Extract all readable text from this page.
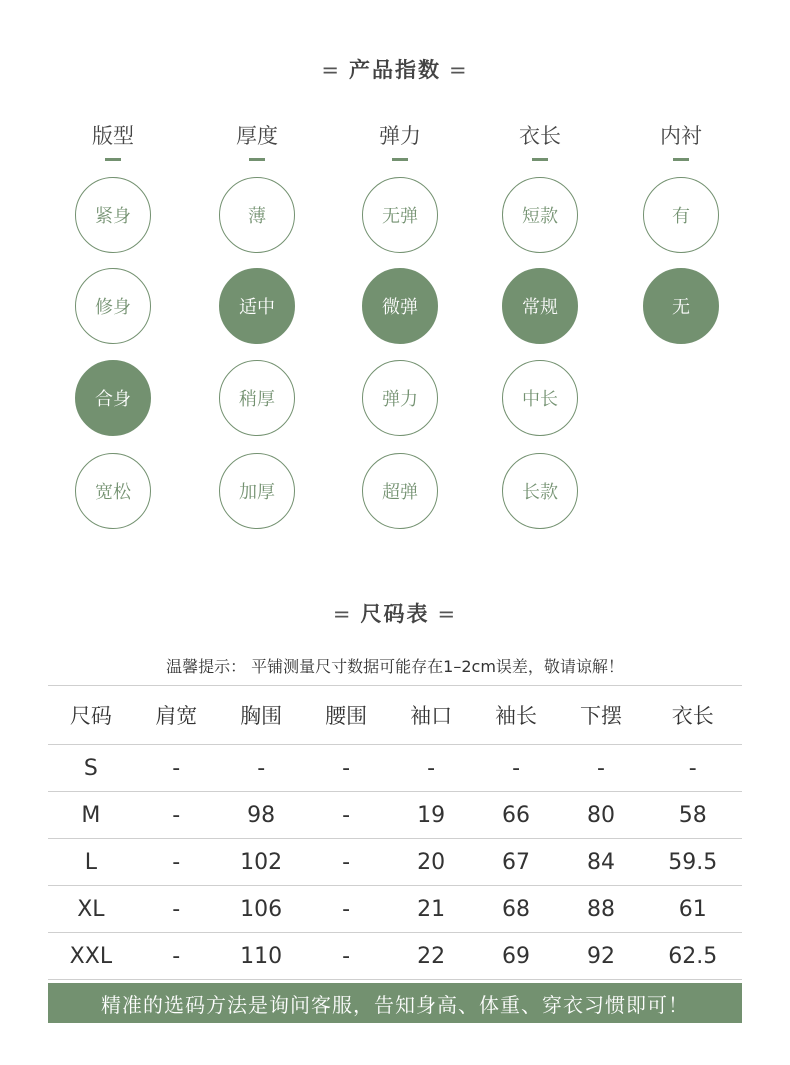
= 产品指数 =
版型
紧身
修身
合身
宽松
厚度
薄
适中
稍厚
加厚
弹力
无弹
微弹
弹力
超弹
衣长
短款
常规
中长
长款
内衬
有
无
= 尺码表 =
温馨提示： 平铺测量尺寸数据可能存在1–2cm误差，敬请谅解！
尺码	肩宽	胸围	腰围	袖口	袖长	下摆	衣长
S	-	-	-	-	-	-	-
M	-	98	-	19	66	80	58
L	-	102	-	20	67	84	59.5
XL	-	106	-	21	68	88	61
XXL	-	110	-	22	69	92	62.5
精准的选码方法是询问客服，告知身高、体重、穿衣习惯即可！
